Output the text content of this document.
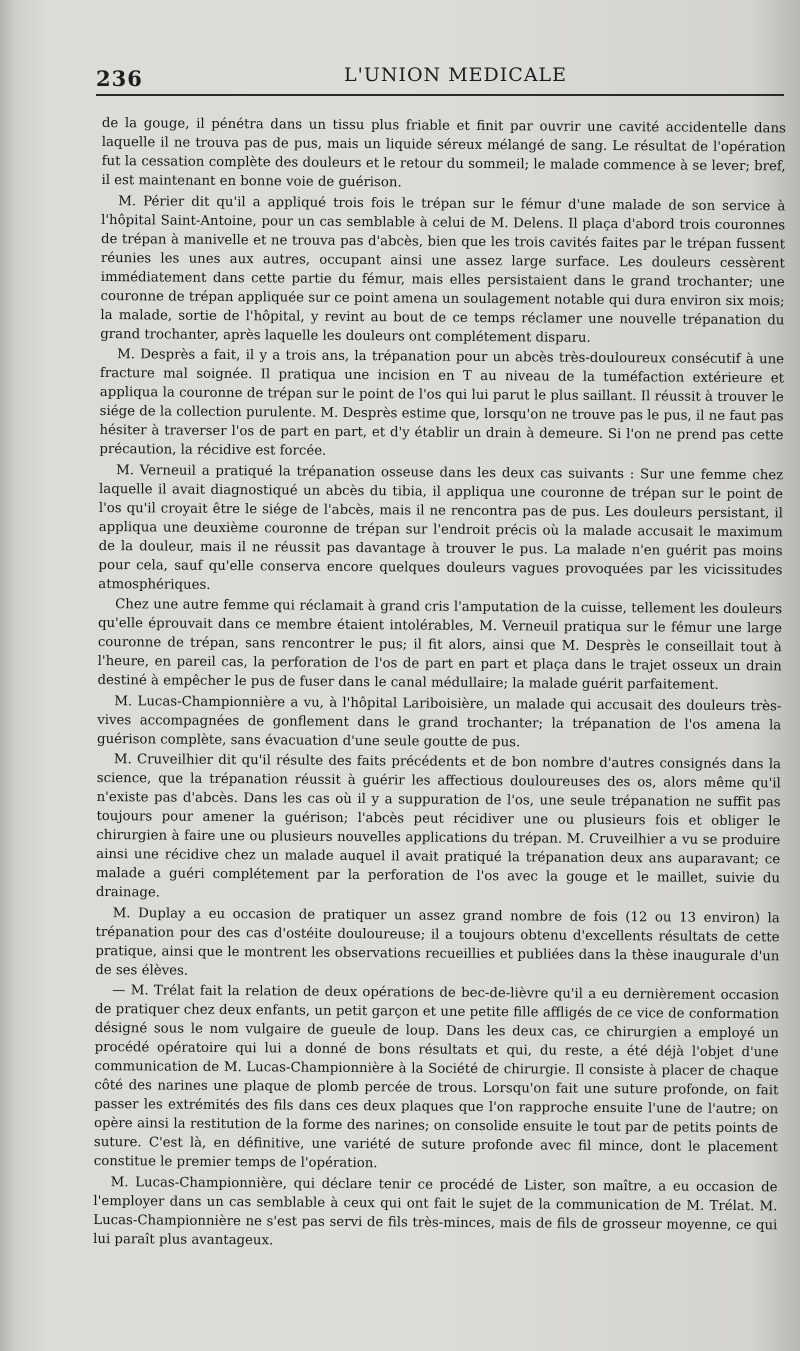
236	L'UNION MEDICALE

de la gouge, il pénétra dans un tissu plus friable et finit par ouvrir une cavité accidentelle dans laquelle il ne trouva pas de pus, mais un liquide séreux mélangé de sang. Le résultat de l'opération fut la cessation complète des douleurs et le retour du sommeil; le malade commence à se lever; bref, il est maintenant en bonne voie de guérison.

M. Périer dit qu'il a appliqué trois fois le trépan sur le fémur d'une malade de son service à l'hôpital Saint-Antoine, pour un cas semblable à celui de M. Delens. Il plaça d'abord trois couronnes de trépan à manivelle et ne trouva pas d'abcès, bien que les trois cavités faites par le trépan fussent réunies les unes aux autres, occupant ainsi une assez large surface. Les douleurs cessèrent immédiatement dans cette partie du fémur, mais elles persistaient dans le grand trochanter; une couronne de trépan appliquée sur ce point amena un soulagement notable qui dura environ six mois; la malade, sortie de l'hôpital, y revint au bout de ce temps réclamer une nouvelle trépanation du grand trochanter, après laquelle les douleurs ont complétement disparu.

M. Desprès a fait, il y a trois ans, la trépanation pour un abcès très-douloureux consécutif à une fracture mal soignée. Il pratiqua une incision en T au niveau de la tuméfaction extérieure et appliqua la couronne de trépan sur le point de l'os qui lui parut le plus saillant. Il réussit à trouver le siége de la collection purulente. M. Desprès estime que, lorsqu'on ne trouve pas le pus, il ne faut pas hésiter à traverser l'os de part en part, et d'y établir un drain à demeure. Si l'on ne prend pas cette précaution, la récidive est forcée.

M. Verneuil a pratiqué la trépanation osseuse dans les deux cas suivants : Sur une femme chez laquelle il avait diagnostiqué un abcès du tibia, il appliqua une couronne de trépan sur le point de l'os qu'il croyait être le siége de l'abcès, mais il ne rencontra pas de pus. Les douleurs persistant, il appliqua une deuxième couronne de trépan sur l'endroit précis où la malade accusait le maximum de la douleur, mais il ne réussit pas davantage à trouver le pus. La malade n'en guérit pas moins pour cela, sauf qu'elle conserva encore quelques douleurs vagues provoquées par les vicissitudes atmosphériques.

Chez une autre femme qui réclamait à grand cris l'amputation de la cuisse, tellement les douleurs qu'elle éprouvait dans ce membre étaient intolérables, M. Verneuil pratiqua sur le fémur une large couronne de trépan, sans rencontrer le pus; il fit alors, ainsi que M. Desprès le conseillait tout à l'heure, en pareil cas, la perforation de l'os de part en part et plaça dans le trajet osseux un drain destiné à empêcher le pus de fuser dans le canal médullaire; la malade guérit parfaitement.

M. Lucas-Championnière a vu, à l'hôpital Lariboisière, un malade qui accusait des douleurs très-vives accompagnées de gonflement dans le grand trochanter; la trépanation de l'os amena la guérison complète, sans évacuation d'une seule goutte de pus.

M. Cruveilhier dit qu'il résulte des faits précédents et de bon nombre d'autres consignés dans la science, que la trépanation réussit à guérir les affectious douloureuses des os, alors même qu'il n'existe pas d'abcès. Dans les cas où il y a suppuration de l'os, une seule trépanation ne suffit pas toujours pour amener la guérison; l'abcès peut récidiver une ou plusieurs fois et obliger le chirurgien à faire une ou plusieurs nouvelles applications du trépan. M. Cruveilhier a vu se produire ainsi une récidive chez un malade auquel il avait pratiqué la trépanation deux ans auparavant; ce malade a guéri complétement par la perforation de l'os avec la gouge et le maillet, suivie du drainage.

M. Duplay a eu occasion de pratiquer un assez grand nombre de fois (12 ou 13 environ) la trépanation pour des cas d'ostéite douloureuse; il a toujours obtenu d'excellents résultats de cette pratique, ainsi que le montrent les observations recueillies et publiées dans la thèse inaugurale d'un de ses élèves.

— M. Trélat fait la relation de deux opérations de bec-de-lièvre qu'il a eu dernièrement occasion de pratiquer chez deux enfants, un petit garçon et une petite fille affligés de ce vice de conformation désigné sous le nom vulgaire de gueule de loup. Dans les deux cas, ce chirurgien a employé un procédé opératoire qui lui a donné de bons résultats et qui, du reste, a été déjà l'objet d'une communication de M. Lucas-Championnière à la Société de chirurgie. Il consiste à placer de chaque côté des narines une plaque de plomb percée de trous. Lorsqu'on fait une suture profonde, on fait passer les extrémités des fils dans ces deux plaques que l'on rapproche ensuite l'une de l'autre; on opère ainsi la restitution de la forme des narines; on consolide ensuite le tout par de petits points de suture. C'est là, en définitive, une variété de suture profonde avec fil mince, dont le placement constitue le premier temps de l'opération.

M. Lucas-Championnière, qui déclare tenir ce procédé de Lister, son maître, a eu occasion de l'employer dans un cas semblable à ceux qui ont fait le sujet de la communication de M. Trélat. M. Lucas-Championnière ne s'est pas servi de fils très-minces, mais de fils de grosseur moyenne, ce qui lui paraît plus avantageux.
